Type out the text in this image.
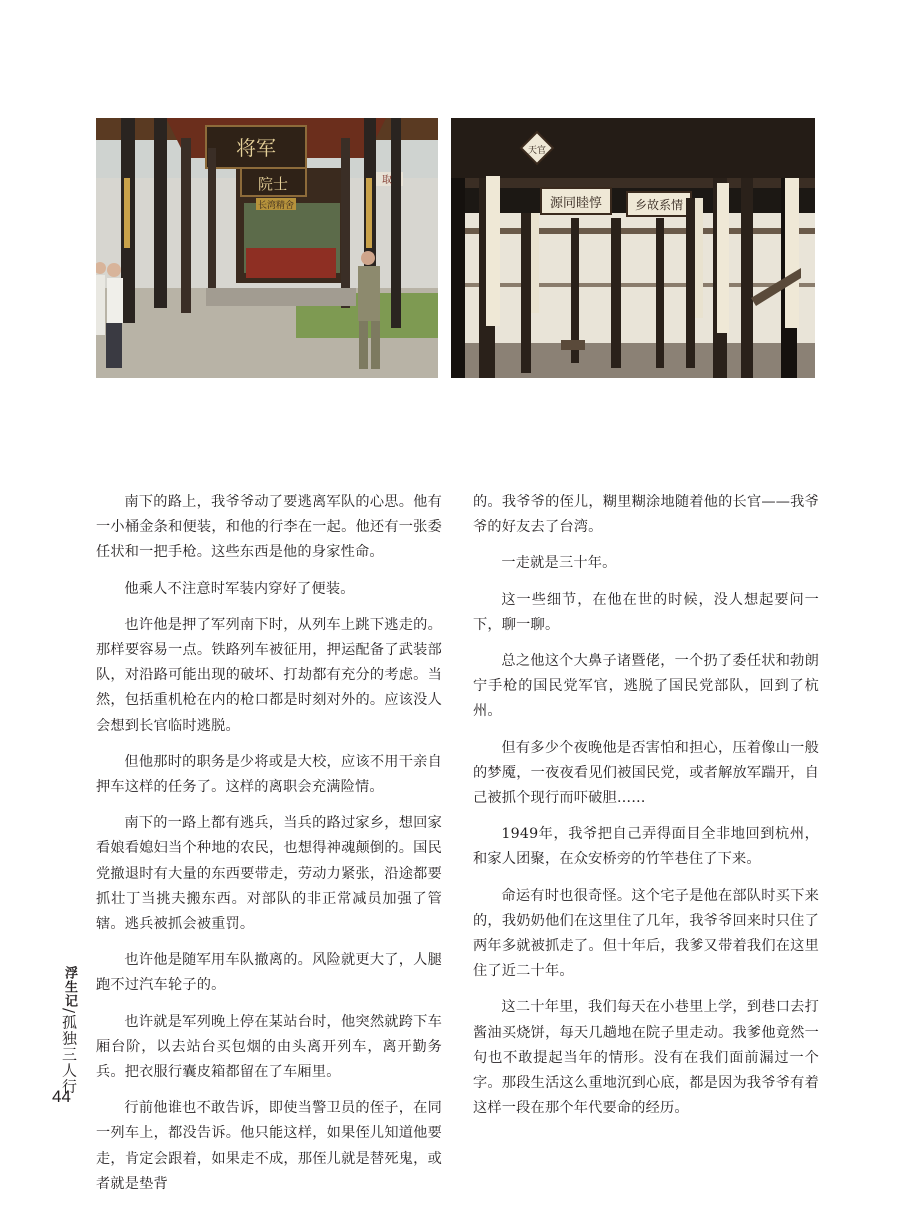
将军
院士
长湾精舍
取
源同睦惇	乡故系情
天官

南下的路上，我爷爷动了要逃离军队的心思。他有一小桶金条和便装，和他的行李在一起。他还有一张委任状和一把手枪。这些东西是他的身家性命。

他乘人不注意时军装内穿好了便装。

也许他是押了军列南下时，从列车上跳下逃走的。那样要容易一点。铁路列车被征用，押运配备了武装部队，对沿路可能出现的破坏、打劫都有充分的考虑。当然，包括重机枪在内的枪口都是时刻对外的。应该没人会想到长官临时逃脱。

但他那时的职务是少将或是大校，应该不用干亲自押车这样的任务了。这样的离职会充满险情。

南下的一路上都有逃兵，当兵的路过家乡，想回家看娘看媳妇当个种地的农民，也想得神魂颠倒的。国民党撤退时有大量的东西要带走，劳动力紧张，沿途都要抓壮丁当挑夫搬东西。对部队的非正常减员加强了管辖。逃兵被抓会被重罚。

也许他是随军用车队撤离的。风险就更大了，人腿跑不过汽车轮子的。

也许就是军列晚上停在某站台时，他突然就跨下车厢台阶，以去站台买包烟的由头离开列车，离开勤务兵。把衣服行囊皮箱都留在了车厢里。

行前他谁也不敢告诉，即使当警卫员的侄子，在同一列车上，都没告诉。他只能这样，如果侄儿知道他要走，肯定会跟着，如果走不成，那侄儿就是替死鬼，或者就是垫背

的。我爷爷的侄儿，糊里糊涂地随着他的长官——我爷爷的好友去了台湾。

一走就是三十年。

这一些细节，在他在世的时候，没人想起要问一下，聊一聊。

总之他这个大鼻子诸暨佬，一个扔了委任状和勃朗宁手枪的国民党军官，逃脱了国民党部队，回到了杭州。

但有多少个夜晚他是否害怕和担心，压着像山一般的梦魇，一夜夜看见们被国民党，或者解放军踹开，自己被抓个现行而吓破胆……

1949年，我爷把自己弄得面目全非地回到杭州，和家人团聚，在众安桥旁的竹竿巷住了下来。

命运有时也很奇怪。这个宅子是他在部队时买下来的，我奶奶他们在这里住了几年，我爷爷回来时只住了两年多就被抓走了。但十年后，我爹又带着我们在这里住了近二十年。

这二十年里，我们每天在小巷里上学，到巷口去打酱油买烧饼，每天几趟地在院子里走动。我爹他竟然一句也不敢提起当年的情形。没有在我们面前漏过一个字。那段生活这么重地沉到心底，都是因为我爷爷有着这样一段在那个年代要命的经历。

浮生记/孤独三人行
44
